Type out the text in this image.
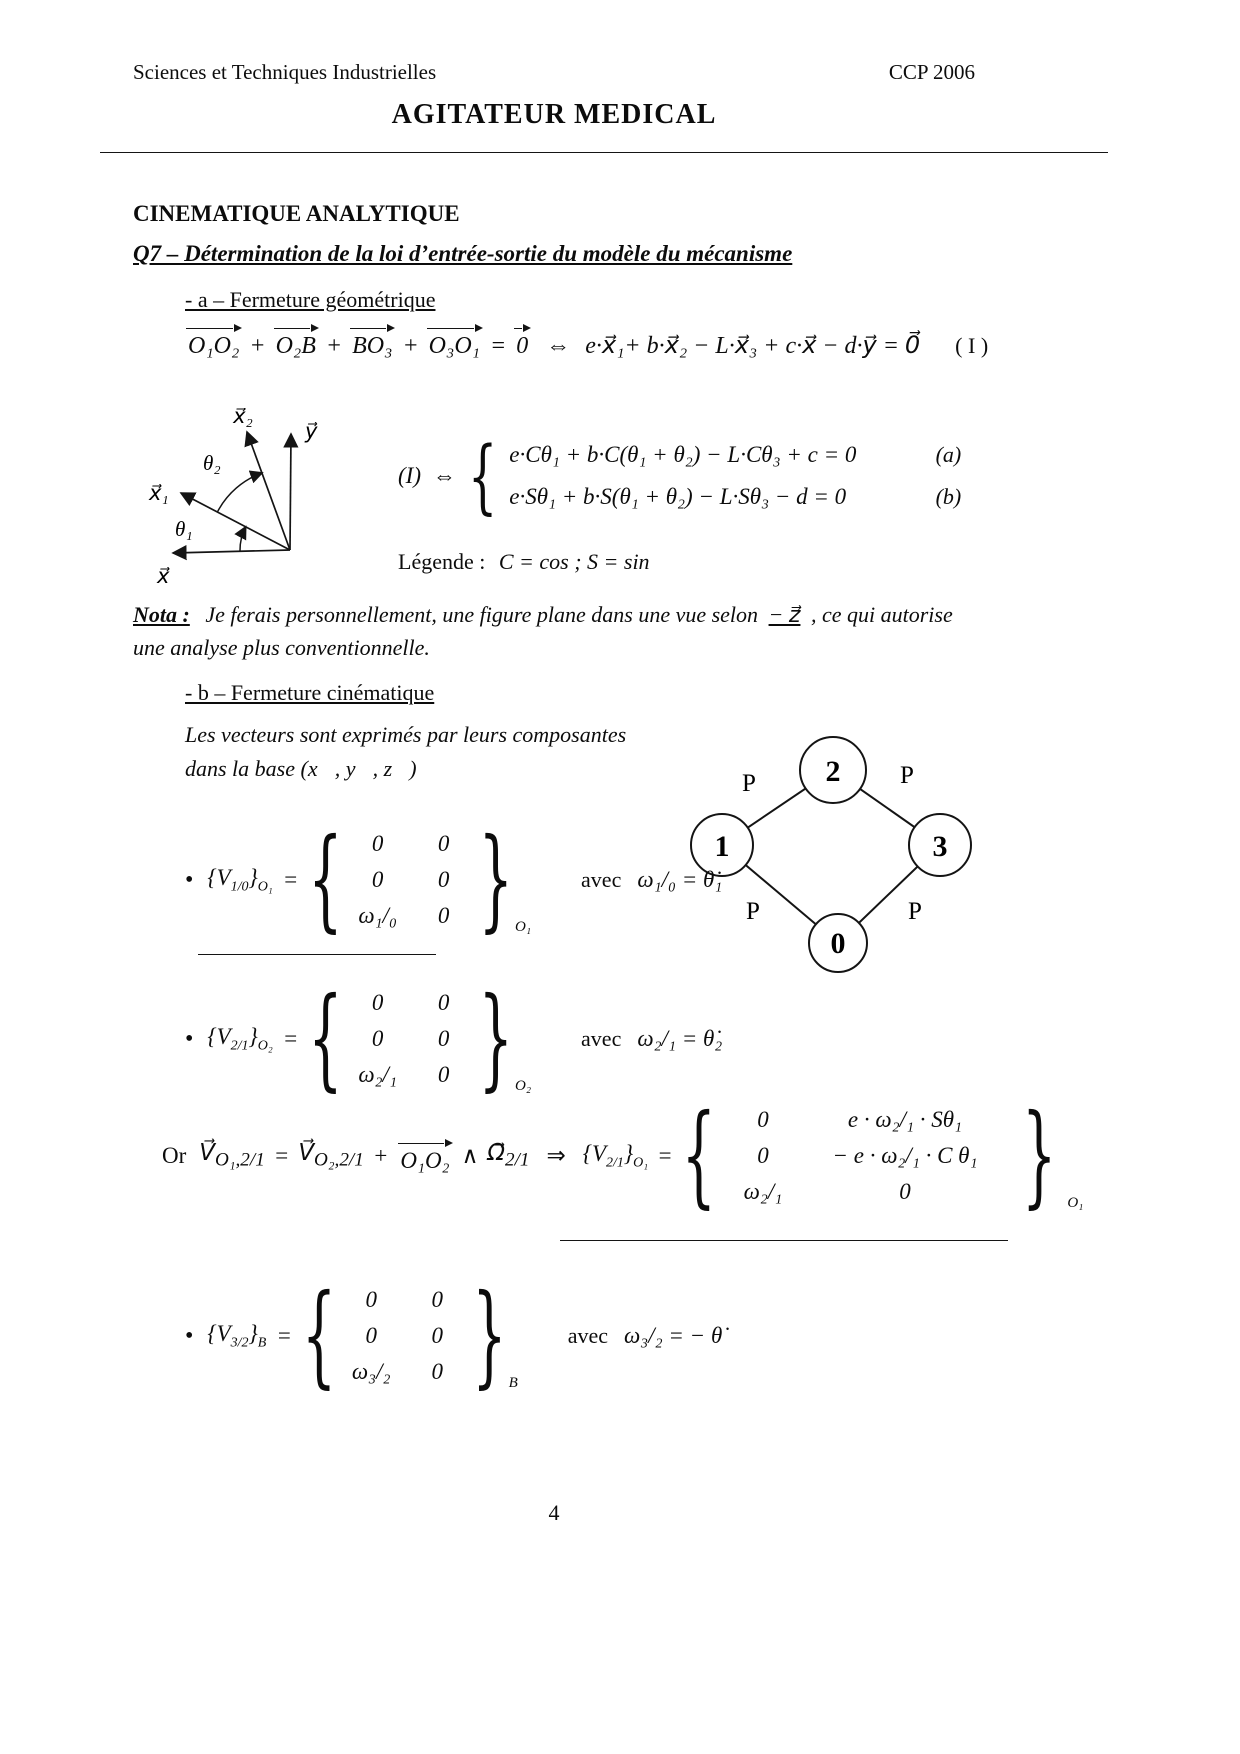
Sciences et Techniques Industrielles	CCP 2006
AGITATEUR MEDICAL
CINEMATIQUE ANALYTIQUE
Q7 – Détermination de la loi d’entrée-sortie du modèle du mécanisme
- a – Fermeture géométrique
O₁O₂ + O₂B + BO₃ + O₃O₁ = 0 ⇔ e·x⃗₁+ b·x⃗₂ − L·x⃗₃ + c·x⃗ − d·y⃗ = 0⃗ ( I )
x⃗₂
y⃗
x⃗₁
x⃗
θ₂
θ₁
(I) ⇔ { e·Cθ₁ + b·C(θ₁ + θ₂) − L·Cθ₃ + c = 0	(a)
e·Sθ₁ + b·S(θ₁ + θ₂) − L·Sθ₃ − d = 0	(b)
Légende : C = cos ; S = sin
Nota : Je ferais personnellement, une figure plane dans une vue selon − z⃗ , ce qui autorise
une analyse plus conventionnelle.
- b – Fermeture cinématique
Les vecteurs sont exprimés par leurs composantes dans la base (x⃗, y⃗, z⃗)	2
1	3
0
P	P
P	P
• $\{V_{1/0}\}_{O_1}$ = {	0	0
0	0
ω₁/₀	0 } O₁
avec ω₁/₀ = θ̇₁
• $\{V_{2/1}\}_{O_2}$ = {	0	0
0	0
ω₂/₁	0 } O₂
avec ω₂/₁ = θ̇₂
Or $V⃗_{O_1,2/1}$ = $V⃗_{O_2,2/1} + O_1O_2$ ∧ $\Omega⃗_{2/1}$ ⇒ $\{V_{2/1}\}_{O_1}$ = {	0	e · ω₂/₁ · Sθ₁
0	− e · ω₂/₁ · C θ₁
ω₂/₁	0	} O₁
• $\{V_{3/2}\}_B$ = {	0	0
0	0
ω₃/₂	0 } B
avec ω₃/₂ = − θ̇
4
